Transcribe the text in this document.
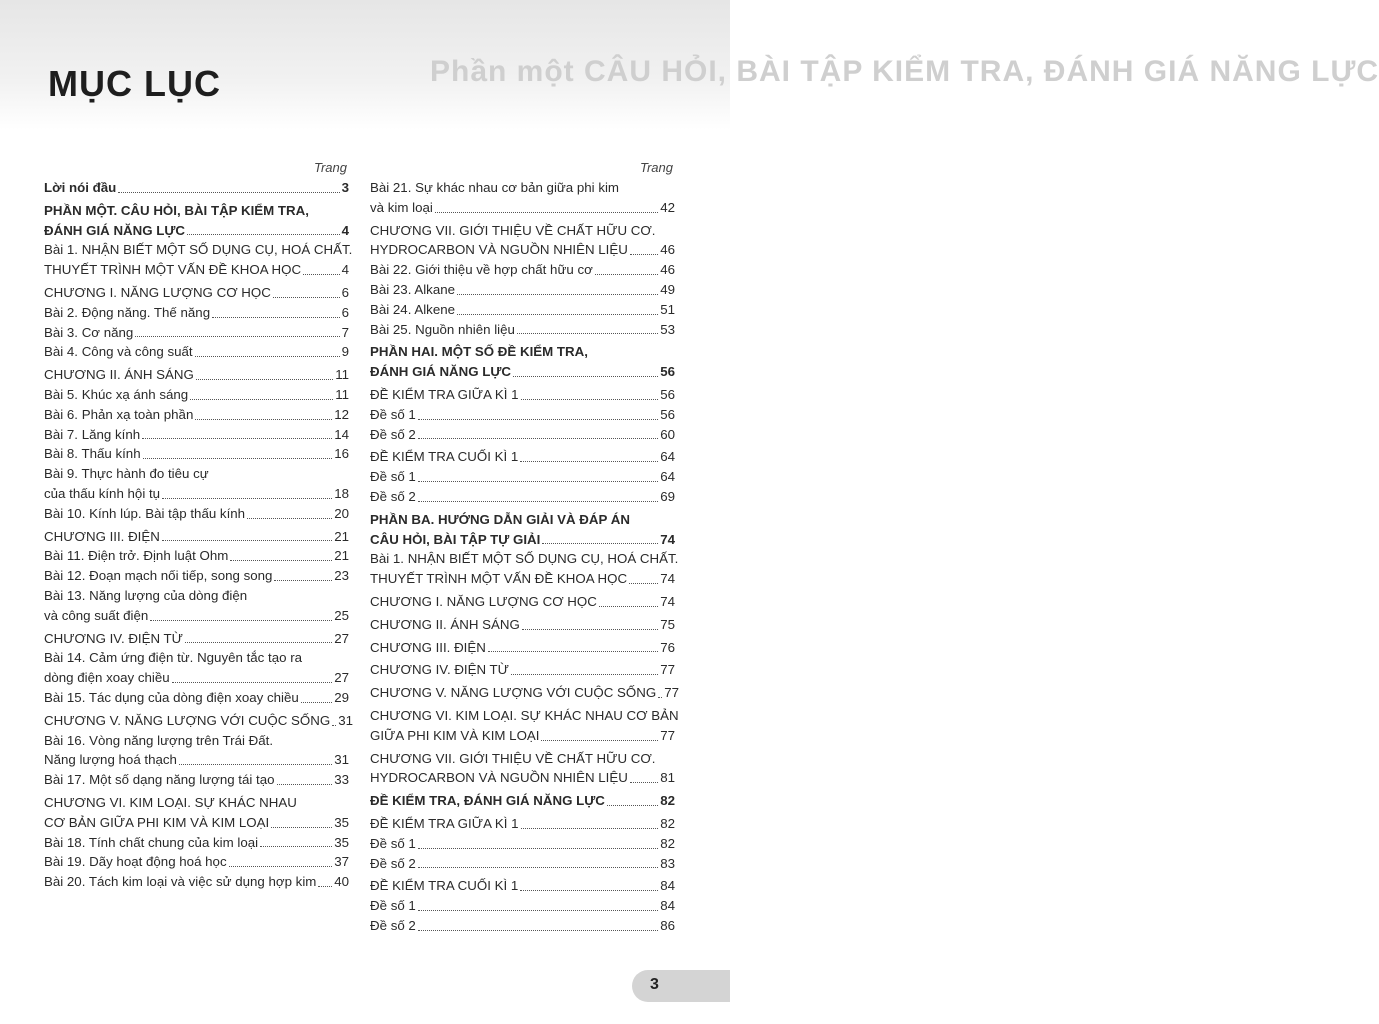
Phần một CÂU HỎI, BÀI TẬP KIỂM TRA, ĐÁNH GIÁ NĂNG LỰC
MỤC LỤC
Trang
Lời nói đầu	3
PHẦN MỘT. CÂU HỎI, BÀI TẬP KIỂM TRA,
ĐÁNH GIÁ NĂNG LỰC	4
Bài 1. NHẬN BIẾT MỘT SỐ DỤNG CỤ, HOÁ CHẤT.
THUYẾT TRÌNH MỘT VẤN ĐỀ KHOA HỌC	4
CHƯƠNG I. NĂNG LƯỢNG CƠ HỌC	6
Bài 2. Động năng. Thế năng	6
Bài 3. Cơ năng	7
Bài 4. Công và công suất	9
CHƯƠNG II. ÁNH SÁNG	11
Bài 5. Khúc xạ ánh sáng	11
Bài 6. Phản xạ toàn phần	12
Bài 7. Lăng kính	14
Bài 8. Thấu kính	16
Bài 9. Thực hành đo tiêu cự
của thấu kính hội tụ	18
Bài 10. Kính lúp. Bài tập thấu kính	20
CHƯƠNG III. ĐIỆN	21
Bài 11. Điện trở. Định luật Ohm	21
Bài 12. Đoạn mạch nối tiếp, song song	23
Bài 13. Năng lượng của dòng điện
và công suất điện	25
CHƯƠNG IV. ĐIỆN TỪ	27
Bài 14. Cảm ứng điện từ. Nguyên tắc tạo ra
dòng điện xoay chiều	27
Bài 15. Tác dụng của dòng điện xoay chiều	29
CHƯƠNG V. NĂNG LƯỢNG VỚI CUỘC SỐNG 31
Bài 16. Vòng năng lượng trên Trái Đất.
Năng lượng hoá thạch	31
Bài 17. Một số dạng năng lượng tái tạo	33
CHƯƠNG VI. KIM LOẠI. SỰ KHÁC NHAU
CƠ BẢN GIỮA PHI KIM VÀ KIM LOẠI	35
Bài 18. Tính chất chung của kim loại	35
Bài 19. Dãy hoạt động hoá học	37
Bài 20. Tách kim loại và việc sử dụng hợp kim 40
Trang
Bài 21. Sự khác nhau cơ bản giữa phi kim
và kim loại	42
CHƯƠNG VII. GIỚI THIỆU VỀ CHẤT HỮU CƠ.
HYDROCARBON VÀ NGUỒN NHIÊN LIỆU 46
Bài 22. Giới thiệu về hợp chất hữu cơ	46
Bài 23. Alkane	49
Bài 24. Alkene	51
Bài 25. Nguồn nhiên liệu	53
PHẦN HAI. MỘT SỐ ĐỀ KIỂM TRA,
ĐÁNH GIÁ NĂNG LỰC	56
ĐỀ KIỂM TRA GIỮA KÌ 1	56
Đề số 1	56
Đề số 2	60
ĐỀ KIỂM TRA CUỐI KÌ 1	64
Đề số 1	64
Đề số 2	69
PHẦN BA. HƯỚNG DẪN GIẢI VÀ ĐÁP ÁN
CÂU HỎI, BÀI TẬP TỰ GIẢI	74
Bài 1. NHẬN BIẾT MỘT SỐ DỤNG CỤ, HOÁ CHẤT.
THUYẾT TRÌNH MỘT VẤN ĐỀ KHOA HỌC 74
CHƯƠNG I. NĂNG LƯỢNG CƠ HỌC	74
CHƯƠNG II. ÁNH SÁNG	75
CHƯƠNG III. ĐIỆN	76
CHƯƠNG IV. ĐIỆN TỪ	77
CHƯƠNG V. NĂNG LƯỢNG VỚI CUỘC SỐNG 77
CHƯƠNG VI. KIM LOẠI. SỰ KHÁC NHAU CƠ BẢN
GIỮA PHI KIM VÀ KIM LOẠI	77
CHƯƠNG VII. GIỚI THIỆU VỀ CHẤT HỮU CƠ.
HYDROCARBON VÀ NGUỒN NHIÊN LIỆU 81
ĐỀ KIỂM TRA, ĐÁNH GIÁ NĂNG LỰC	82
ĐỀ KIỂM TRA GIỮA KÌ 1	82
Đề số 1	82
Đề số 2	83
ĐỀ KIỂM TRA CUỐI KÌ 1	84
Đề số 1	84
Đề số 2	86
3
